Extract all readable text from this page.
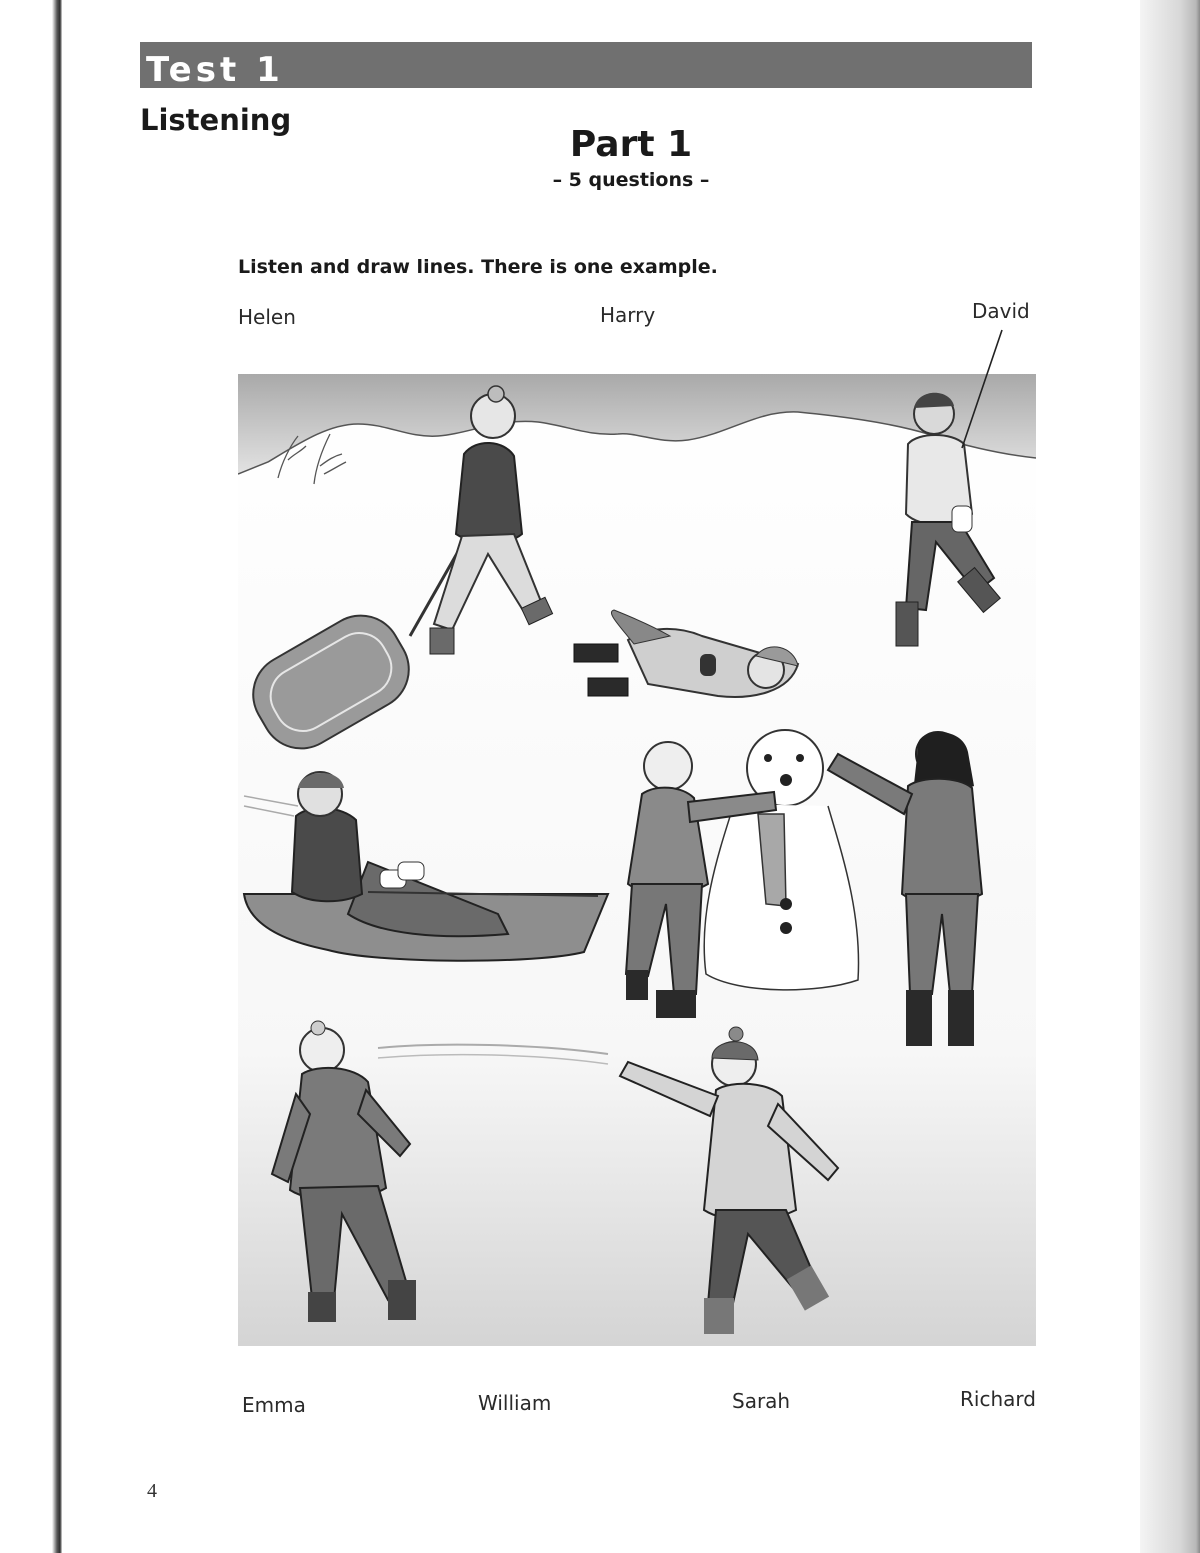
Test 1
Listening
Part 1

– 5 questions –

Listen and draw lines. There is one example.

Helen	Harry	David
Emma	William	Sarah	Richard

4
